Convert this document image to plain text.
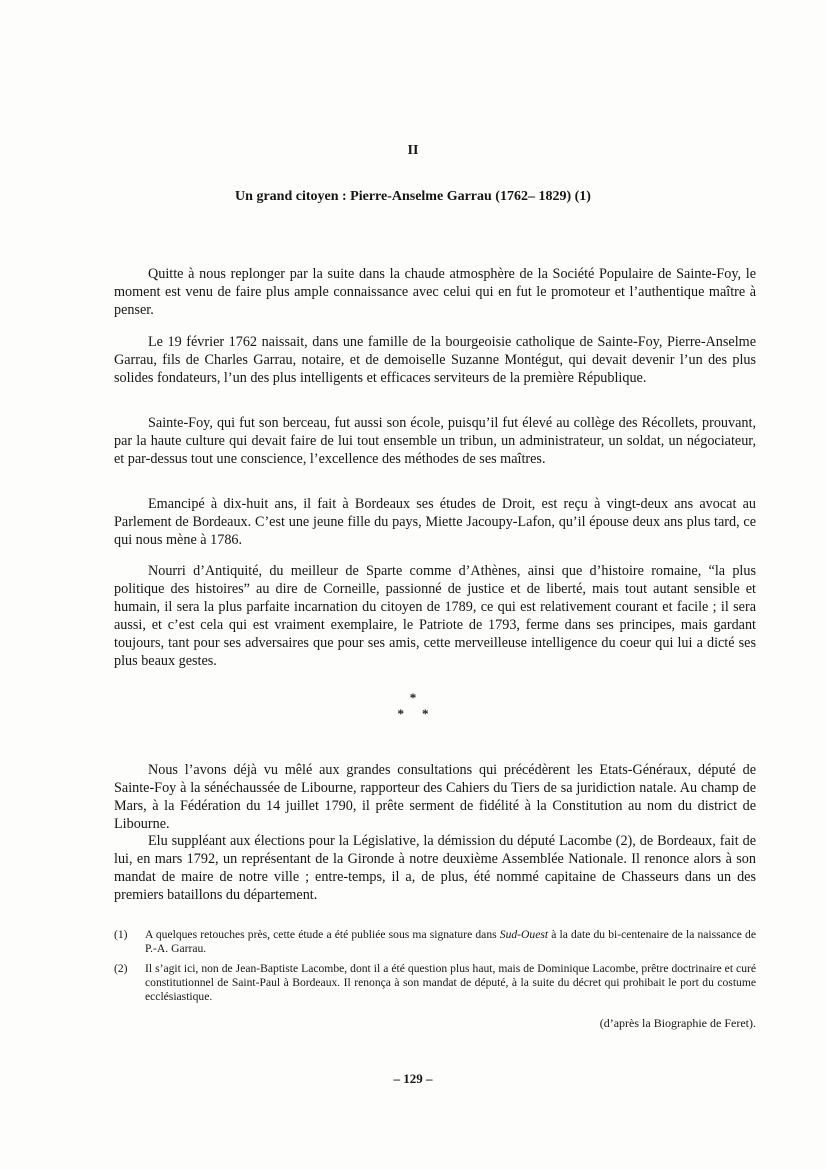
II
Un grand citoyen : Pierre-Anselme Garrau (1762– 1829) (1)

Quitte à nous replonger par la suite dans la chaude atmosphère de la Société Populaire de Sainte-Foy, le moment est venu de faire plus ample connaissance avec celui qui en fut le promoteur et l’authentique maître à penser.

Le 19 février 1762 naissait, dans une famille de la bourgeoisie catholique de Sainte-Foy, Pierre-Anselme Garrau, fils de Charles Garrau, notaire, et de demoiselle Suzanne Montégut, qui devait devenir l’un des plus solides fondateurs, l’un des plus intelligents et efficaces serviteurs de la première République.

Sainte-Foy, qui fut son berceau, fut aussi son école, puisqu’il fut élevé au collège des Récollets, prouvant, par la haute culture qui devait faire de lui tout ensemble un tribun, un administrateur, un soldat, un négociateur, et par-dessus tout une conscience, l’excellence des méthodes de ses maîtres.

Emancipé à dix-huit ans, il fait à Bordeaux ses études de Droit, est reçu à vingt-deux ans avocat au Parlement de Bordeaux. C’est une jeune fille du pays, Miette Jacoupy-Lafon, qu’il épouse deux ans plus tard, ce qui nous mène à 1786.

Nourri d’Antiquité, du meilleur de Sparte comme d’Athènes, ainsi que d’histoire romaine, “la plus politique des histoires” au dire de Corneille, passionné de justice et de liberté, mais tout autant sensible et humain, il sera la plus parfaite incarnation du citoyen de 1789, ce qui est relativement courant et facile ; il sera aussi, et c’est cela qui est vraiment exemplaire, le Patriote de 1793, ferme dans ses principes, mais gardant toujours, tant pour ses adversaires que pour ses amis, cette merveilleuse intelligence du coeur qui lui a dicté ses plus beaux gestes.

*
**

Nous l’avons déjà vu mêlé aux grandes consultations qui précédèrent les Etats-Généraux, député de Sainte-Foy à la sénéchaussée de Libourne, rapporteur des Cahiers du Tiers de sa juridiction natale. Au champ de Mars, à la Fédération du 14 juillet 1790, il prête serment de fidélité à la Constitution au nom du district de Libourne.

Elu suppléant aux élections pour la Législative, la démission du député Lacombe (2), de Bordeaux, fait de lui, en mars 1792, un représentant de la Gironde à notre deuxième Assemblée Nationale. Il renonce alors à son mandat de maire de notre ville ; entre-temps, il a, de plus, été nommé capitaine de Chasseurs dans un des premiers bataillons du département.

(1)	A quelques retouches près, cette étude a été publiée sous ma signature dans Sud-Ouest à la date du bi-centenaire de la naissance de P.-A. Garrau.
(2)	Il s’agit ici, non de Jean-Baptiste Lacombe, dont il a été question plus haut, mais de Dominique Lacombe, prêtre doctrinaire et curé constitutionnel de Saint-Paul à Bordeaux. Il renonça à son mandat de député, à la suite du décret qui prohibait le port du costume ecclésiastique.
(d’après la Biographie de Feret).
– 129 –
